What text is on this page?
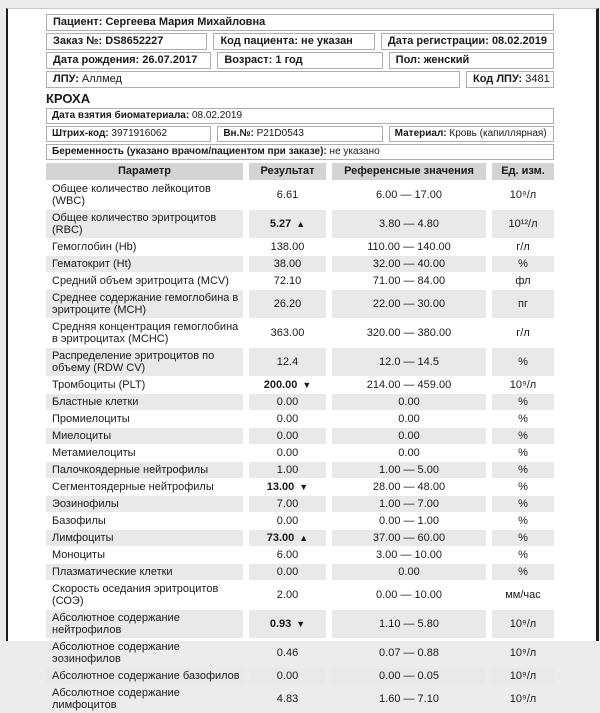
Пациент: Сергеева Мария Михайловна
Заказ №: DS8652227	Код пациента: не указан	Дата регистрации: 08.02.2019
Дата рождения: 26.07.2017	Возраст: 1 год	Пол: женский
ЛПУ: Аллмед	Код ЛПУ: 3481
КРОХА
Дата взятия биоматериала: 08.02.2019
Штрих-код: 3971916062	Вн.№: P21D0543	Материал: Кровь (капиллярная)
Беременность (указано врачом/пациентом при заказе): не указано
Параметр	Результат	Референсные значения	Ед. изм.
Общее количество лейкоцитов (WBC)	6.61	6.00 — 17.00	10⁹/л
Общее количество эритроцитов (RBC)	5.27 ▲	3.80 — 4.80	10¹²/л
Гемоглобин (Hb)	138.00	110.00 — 140.00	г/л
Гематокрит (Ht)	38.00	32.00 — 40.00	%
Средний объем эритроцита (MCV)	72.10	71.00 — 84.00	фл
Среднее содержание гемоглобина в эритроците (MCH)	26.20	22.00 — 30.00	пг
Средняя концентрация гемоглобина в эритроцитах (MCHC)	363.00	320.00 — 380.00	г/л
Распределение эритроцитов по объему (RDW CV)	12.4	12.0 — 14.5	%
Тромбоциты (PLT)	200.00 ▼	214.00 — 459.00	10⁹/л
Бластные клетки	0.00	0.00	%
Промиелоциты	0.00	0.00	%
Миелоциты	0.00	0.00	%
Метамиелоциты	0.00	0.00	%
Палочкоядерные нейтрофилы	1.00	1.00 — 5.00	%
Сегментоядерные нейтрофилы	13.00 ▼	28.00 — 48.00	%
Эозинофилы	7.00	1.00 — 7.00	%
Базофилы	0.00	0.00 — 1.00	%
Лимфоциты	73.00 ▲	37.00 — 60.00	%
Моноциты	6.00	3.00 — 10.00	%
Плазматические клетки	0.00	0.00	%
Скорость оседания эритроцитов (СОЭ)	2.00	0.00 — 10.00	мм/час
Абсолютное содержание нейтрофилов	0.93 ▼	1.10 — 5.80	10⁹/л
Абсолютное содержание эозинофилов	0.46	0.07 — 0.88	10⁹/л
Абсолютное содержание базофилов	0.00	0.00 — 0.05	10⁹/л
Абсолютное содержание лимфоцитов	4.83	1.60 — 7.10	10⁹/л
